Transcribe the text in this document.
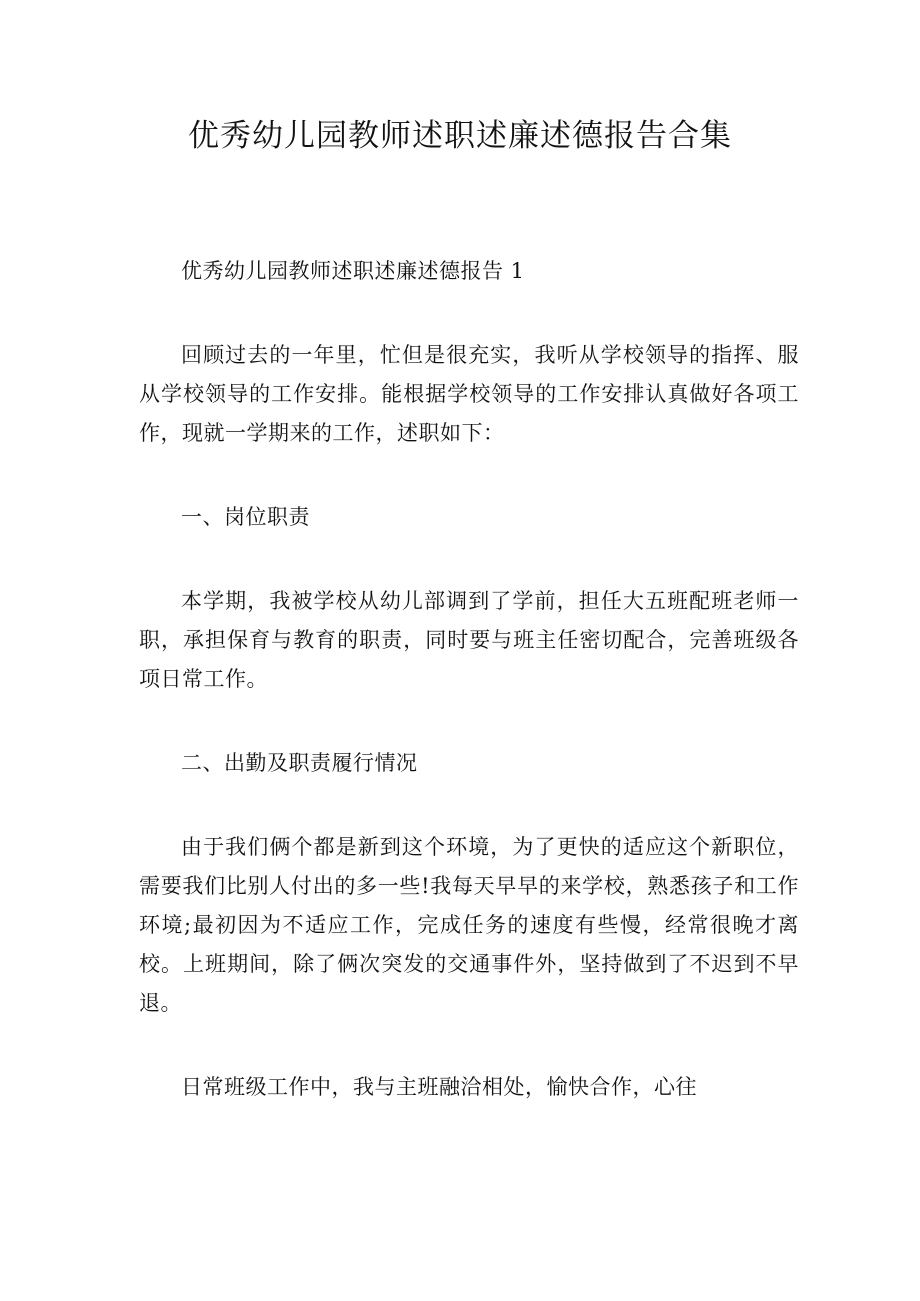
优秀幼儿园教师述职述廉述德报告合集

优秀幼儿园教师述职述廉述德报告 1

回顾过去的一年里，忙但是很充实，我听从学校领导的指挥、服从学校领导的工作安排。能根据学校领导的工作安排认真做好各项工作，现就一学期来的工作，述职如下：

一、岗位职责

本学期，我被学校从幼儿部调到了学前，担任大五班配班老师一职，承担保育与教育的职责，同时要与班主任密切配合，完善班级各项日常工作。

二、出勤及职责履行情况

由于我们俩个都是新到这个环境，为了更快的适应这个新职位，需要我们比别人付出的多一些!我每天早早的来学校，熟悉孩子和工作环境;最初因为不适应工作，完成任务的速度有些慢，经常很晚才离校。上班期间，除了俩次突发的交通事件外，坚持做到了不迟到不早退。

日常班级工作中，我与主班融洽相处，愉快合作，心往
